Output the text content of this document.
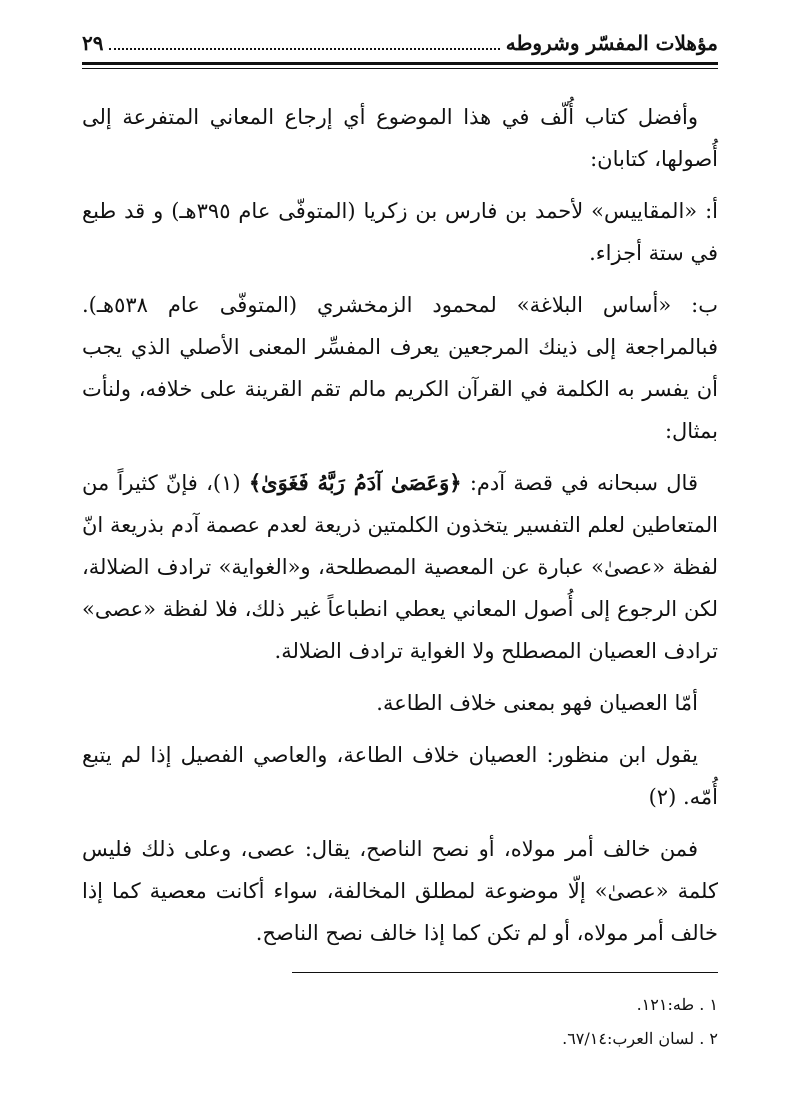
مؤهلات المفسّر وشروطه
٢٩

وأفضل كتاب أُلّف في هذا الموضوع أي إرجاع المعاني المتفرعة إلى أُصولها، كتابان:

أ: «المقاييس» لأحمد بن فارس بن زكريا (المتوفّى عام ٣٩٥هـ) و قد طبع في ستة أجزاء.

ب: «أساس البلاغة» لمحمود الزمخشري (المتوفّى عام ٥٣٨هـ). فبالمراجعة إلى ذينك المرجعين يعرف المفسِّر المعنى الأصلي الذي يجب أن يفسر به الكلمة في القرآن الكريم مالم تقم القرينة على خلافه، ولنأت بمثال:

قال سبحانه في قصة آدم: ﴿وَعَصَىٰ آدَمُ رَبَّهُ فَغَوَىٰ﴾ (١)، فإنّ كثيراً من المتعاطين لعلم التفسير يتخذون الكلمتين ذريعة لعدم عصمة آدم بذريعة انّ لفظة «عصىٰ» عبارة عن المعصية المصطلحة، و«الغواية» ترادف الضلالة، لكن الرجوع إلى أُصول المعاني يعطي انطباعاً غير ذلك، فلا لفظة «عصى» ترادف العصيان المصطلح ولا الغواية ترادف الضلالة.

أمّا العصيان فهو بمعنى خلاف الطاعة.

يقول ابن منظور: العصيان خلاف الطاعة، والعاصي الفصيل إذا لم يتبع أُمّه. (٢)

فمن خالف أمر مولاه، أو نصح الناصح، يقال: عصى، وعلى ذلك فليس كلمة «عصىٰ» إلّا موضوعة لمطلق المخالفة، سواء أكانت معصية كما إذا خالف أمر مولاه، أو لم تكن كما إذا خالف نصح الناصح.

١ . طه:١٢١.
٢ . لسان العرب:٦٧/١٤.
